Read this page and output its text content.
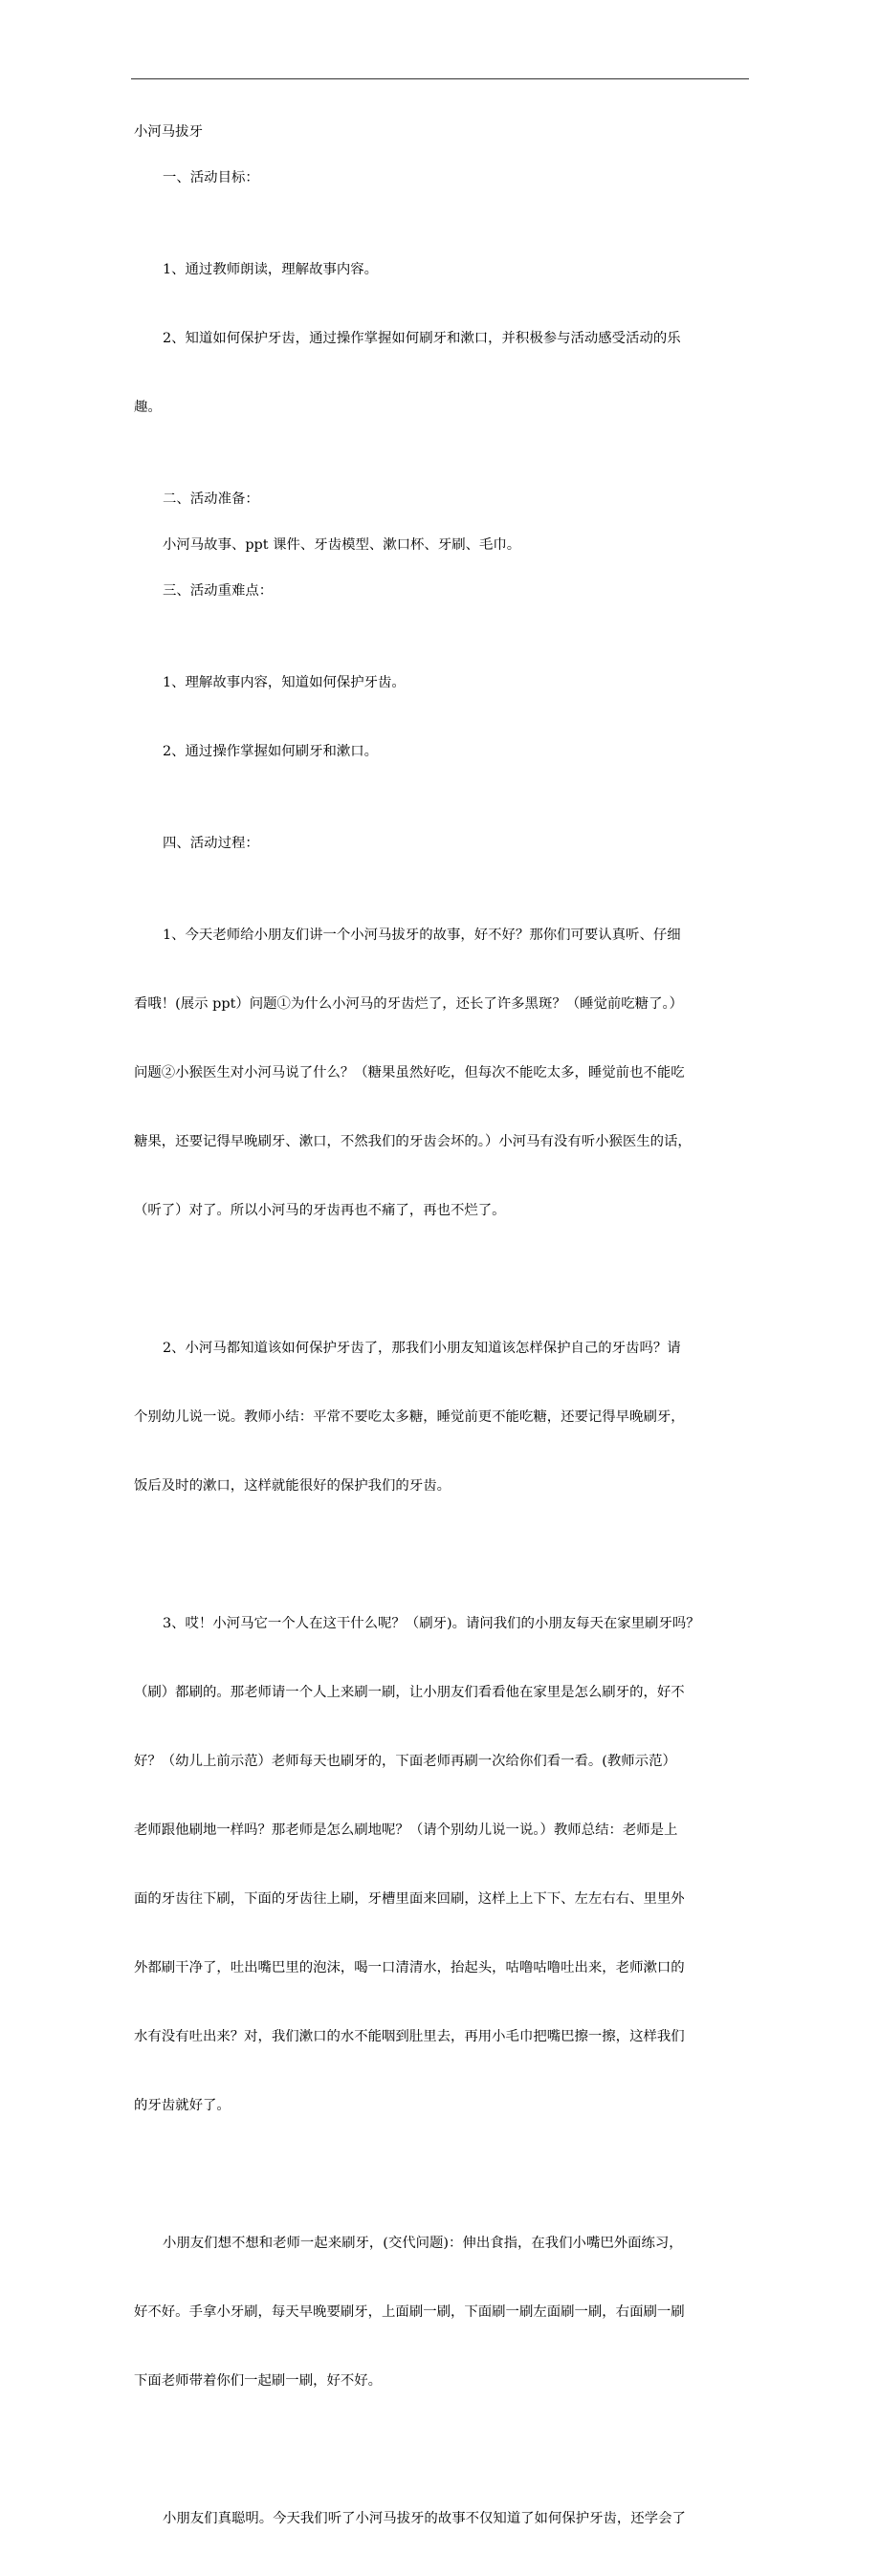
小河马拔牙

一、活动目标：

1、通过教师朗读，理解故事内容。

2、知道如何保护牙齿，通过操作掌握如何刷牙和漱口，并积极参与活动感受活动的乐

趣。

二、活动准备：

小河马故事、ppt 课件、牙齿模型、漱口杯、牙刷、毛巾。

三、活动重难点：

1、理解故事内容，知道如何保护牙齿。

2、通过操作掌握如何刷牙和漱口。

四、活动过程：

1、今天老师给小朋友们讲一个小河马拔牙的故事，好不好？那你们可要认真听、仔细

看哦！(展示 ppt）问题①为什么小河马的牙齿烂了，还长了许多黑斑？（睡觉前吃糖了。）

问题②小猴医生对小河马说了什么？（糖果虽然好吃，但每次不能吃太多，睡觉前也不能吃

糖果，还要记得早晚刷牙、漱口，不然我们的牙齿会坏的。）小河马有没有听小猴医生的话，

（听了）对了。所以小河马的牙齿再也不痛了，再也不烂了。

2、小河马都知道该如何保护牙齿了，那我们小朋友知道该怎样保护自己的牙齿吗？请

个别幼儿说一说。教师小结：平常不要吃太多糖，睡觉前更不能吃糖，还要记得早晚刷牙，

饭后及时的漱口，这样就能很好的保护我们的牙齿。

3、哎！小河马它一个人在这干什么呢？（刷牙)。请问我们的小朋友每天在家里刷牙吗？

（刷）都刷的。那老师请一个人上来刷一刷，让小朋友们看看他在家里是怎么刷牙的，好不

好？（幼儿上前示范）老师每天也刷牙的，下面老师再刷一次给你们看一看。(教师示范）

老师跟他刷地一样吗？那老师是怎么刷地呢？（请个别幼儿说一说。）教师总结：老师是上

面的牙齿往下刷，下面的牙齿往上刷，牙槽里面来回刷，这样上上下下、左左右右、里里外

外都刷干净了，吐出嘴巴里的泡沫，喝一口清清水，抬起头，咕噜咕噜吐出来，老师漱口的

水有没有吐出来？对，我们漱口的水不能咽到肚里去，再用小毛巾把嘴巴擦一擦，这样我们

的牙齿就好了。

小朋友们想不想和老师一起来刷牙，(交代问题)：伸出食指，在我们小嘴巴外面练习，

好不好。手拿小牙刷，每天早晚要刷牙，上面刷一刷，下面刷一刷左面刷一刷，右面刷一刷

下面老师带着你们一起刷一刷，好不好。

小朋友们真聪明。今天我们听了小河马拔牙的故事不仅知道了如何保护牙齿，还学会了
